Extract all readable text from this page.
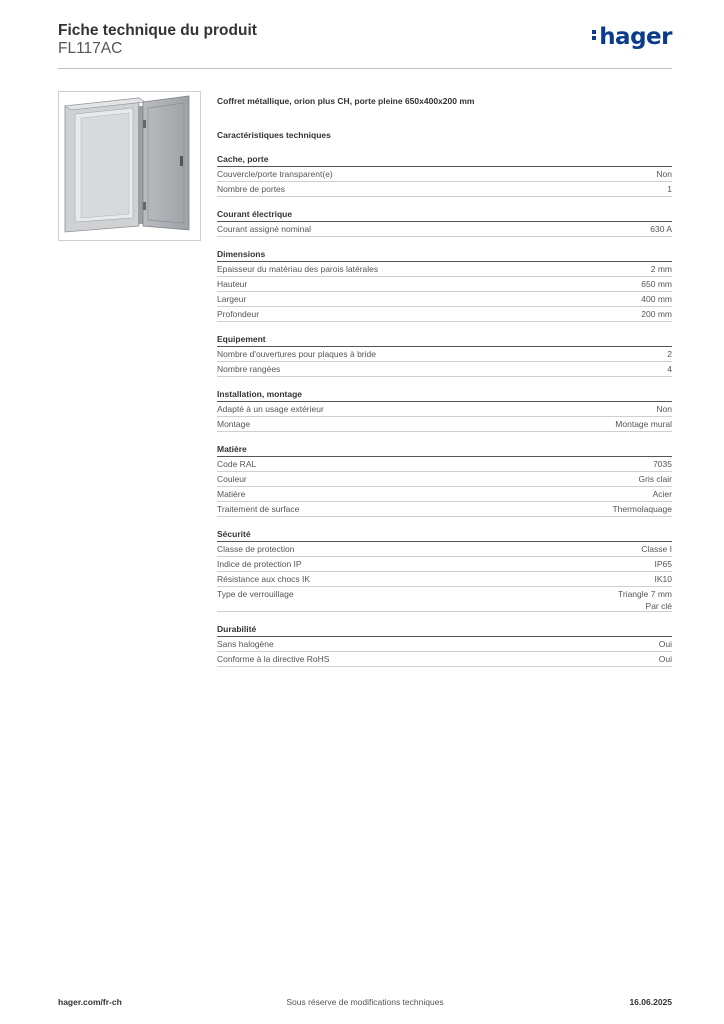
Fiche technique du produit
FL117AC	hager
Coffret métallique, orion plus CH, porte pleine 650x400x200 mm
Caractéristiques techniques
Cache, porte
Couvercle/porte transparent(e)	Non
Nombre de portes	1
Courant électrique
Courant assigné nominal	630 A
Dimensions
Epaisseur du matériau des parois latérales	2 mm
Hauteur	650 mm
Largeur	400 mm
Profondeur	200 mm
Equipement
Nombre d'ouvertures pour plaques à bride	2
Nombre rangées	4
Installation, montage
Adapté à un usage extérieur	Non
Montage	Montage mural
Matière
Code RAL	7035
Couleur	Gris clair
Matière	Acier
Traitement de surface	Thermolaquage
Sécurité
Classe de protection	Classe I
Indice de protection IP	IP65
Résistance aux chocs IK	IK10
Type de verrouillage	Triangle 7 mm
Par clé
Durabilité
Sans halogène	Oui
Conforme à la directive RoHS	Oui
hager.com/fr-ch	Sous réserve de modifications techniques	16.06.2025
